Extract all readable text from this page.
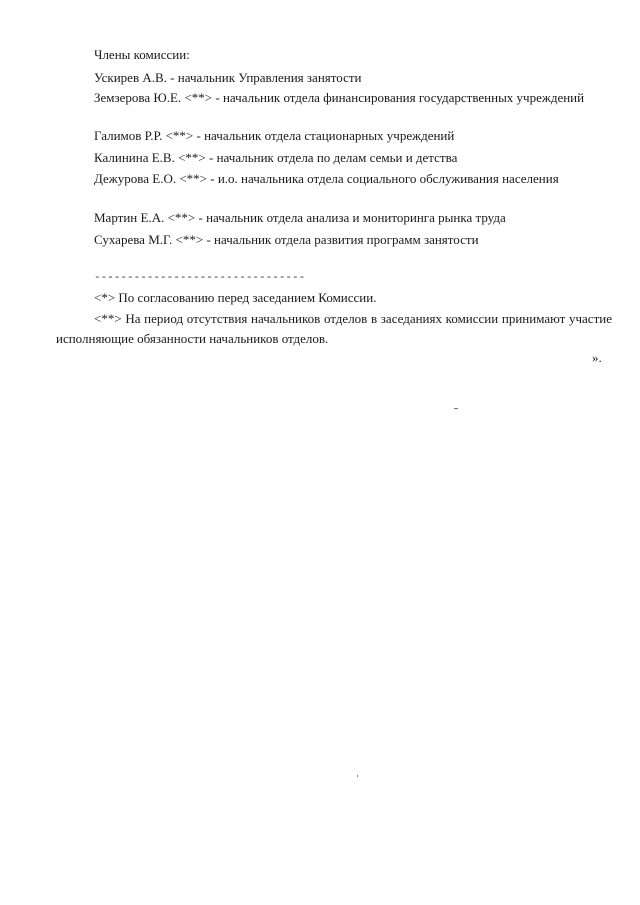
Члены комиссии:
Ускирев А.В. - начальник Управления занятости
Земзерова Ю.Е. <**> - начальник отдела финансирования государственных учреждений
Галимов Р.Р. <**> - начальник отдела стационарных учреждений
Калинина Е.В. <**> - начальник отдела по делам семьи и детства
Дежурова Е.О. <**> - и.о. начальника отдела социального обслуживания населения
Мартин Е.А. <**> - начальник отдела анализа и мониторинга рынка труда
Сухарева М.Г. <**> - начальник отдела развития программ занятости
--------------------------------
<*> По согласованию перед заседанием Комиссии.
<**> На период отсутствия начальников отделов в заседаниях комиссии принимают участие исполняющие обязанности начальников отделов.
».
